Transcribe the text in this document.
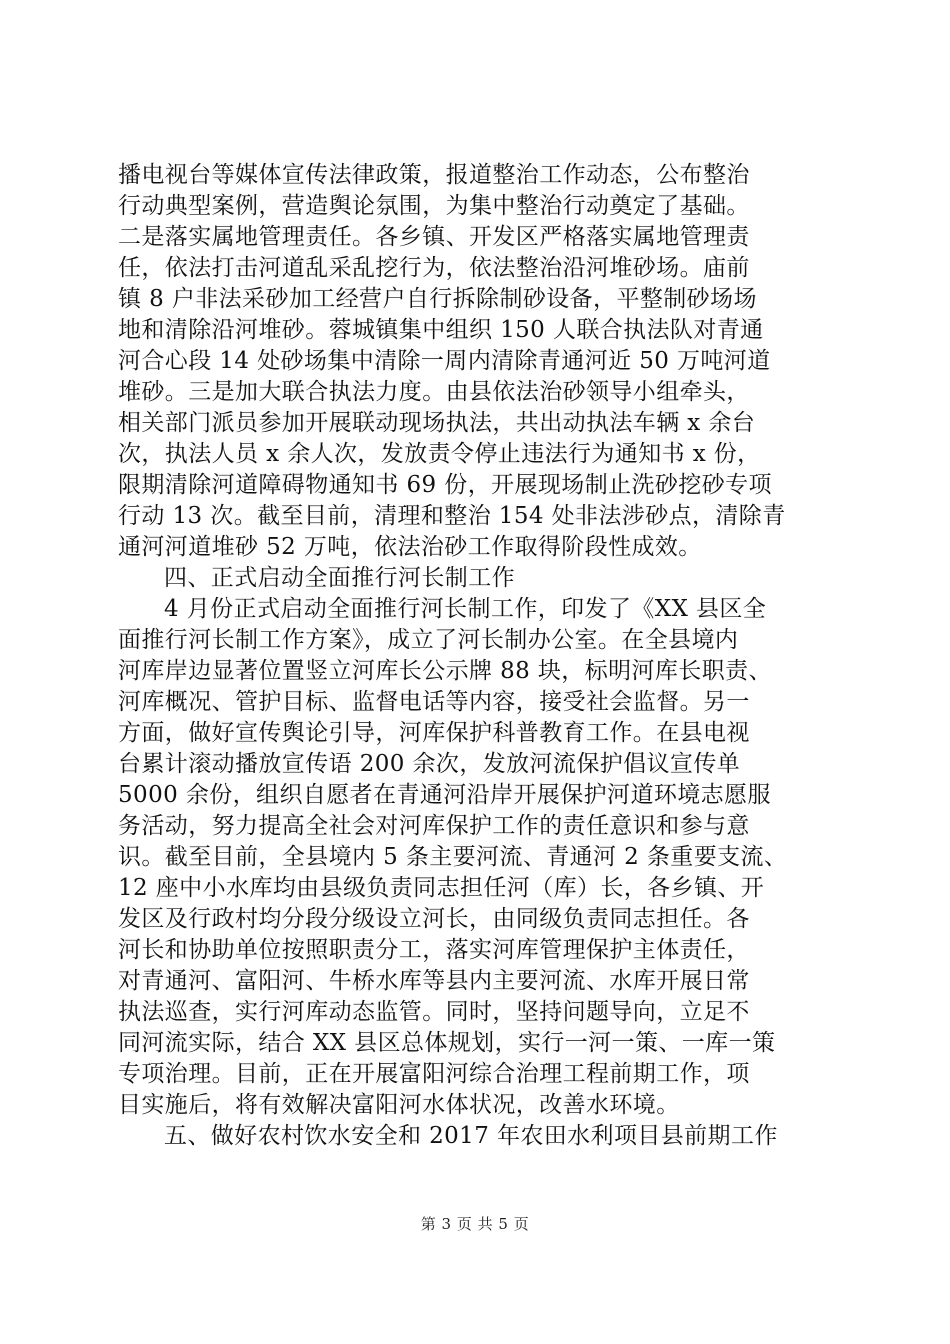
播电视台等媒体宣传法律政策，报道整治工作动态，公布整治
行动典型案例，营造舆论氛围，为集中整治行动奠定了基础。
二是落实属地管理责任。各乡镇、开发区严格落实属地管理责
任，依法打击河道乱采乱挖行为，依法整治沿河堆砂场。庙前
镇 8 户非法采砂加工经营户自行拆除制砂设备，平整制砂场场
地和清除沿河堆砂。蓉城镇集中组织 150 人联合执法队对青通
河合心段 14 处砂场集中清除一周内清除青通河近 50 万吨河道
堆砂。三是加大联合执法力度。由县依法治砂领导小组牵头，
相关部门派员参加开展联动现场执法，共出动执法车辆 x 余台
次，执法人员 x 余人次，发放责令停止违法行为通知书 x 份，
限期清除河道障碍物通知书 69 份，开展现场制止洗砂挖砂专项
行动 13 次。截至目前，清理和整治 154 处非法涉砂点，清除青
通河河道堆砂 52 万吨，依法治砂工作取得阶段性成效。
四、正式启动全面推行河长制工作
4 月份正式启动全面推行河长制工作，印发了《XX 县区全
面推行河长制工作方案》，成立了河长制办公室。在全县境内
河库岸边显著位置竖立河库长公示牌 88 块，标明河库长职责、
河库概况、管护目标、监督电话等内容，接受社会监督。另一
方面，做好宣传舆论引导，河库保护科普教育工作。在县电视
台累计滚动播放宣传语 200 余次，发放河流保护倡议宣传单
5000 余份，组织自愿者在青通河沿岸开展保护河道环境志愿服
务活动，努力提高全社会对河库保护工作的责任意识和参与意
识。截至目前，全县境内 5 条主要河流、青通河 2 条重要支流、
12 座中小水库均由县级负责同志担任河（库）长，各乡镇、开
发区及行政村均分段分级设立河长，由同级负责同志担任。各
河长和协助单位按照职责分工，落实河库管理保护主体责任，
对青通河、富阳河、牛桥水库等县内主要河流、水库开展日常
执法巡查，实行河库动态监管。同时，坚持问题导向，立足不
同河流实际，结合 XX 县区总体规划，实行一河一策、一库一策
专项治理。目前，正在开展富阳河综合治理工程前期工作，项
目实施后，将有效解决富阳河水体状况，改善水环境。
五、做好农村饮水安全和 2017 年农田水利项目县前期工作
第 3 页 共 5 页
